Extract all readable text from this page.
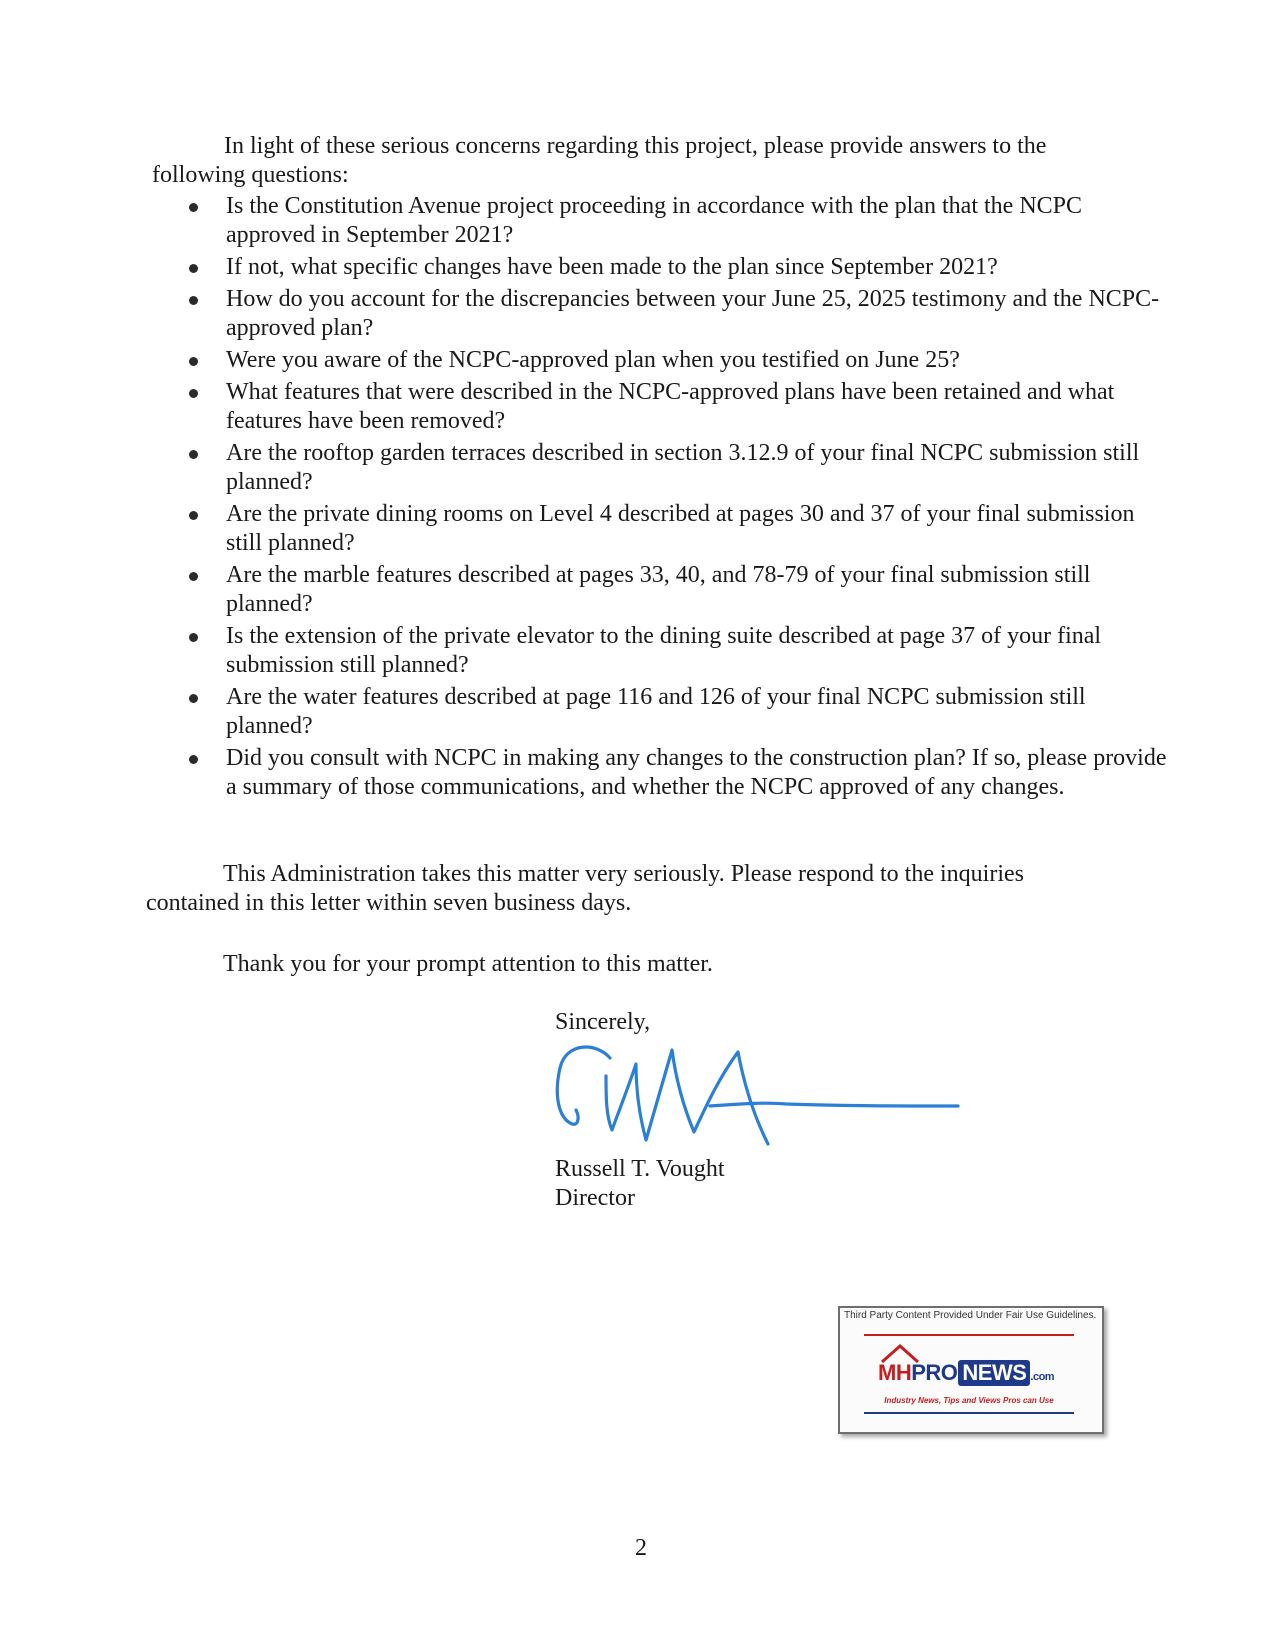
In light of these serious concerns regarding this project, please provide answers to the
following questions:
Is the Constitution Avenue project proceeding in accordance with the plan that the NCPC approved in September 2021?
If not, what specific changes have been made to the plan since September 2021?
How do you account for the discrepancies between your June 25, 2025 testimony and the NCPC-approved plan?
Were you aware of the NCPC-approved plan when you testified on June 25?
What features that were described in the NCPC-approved plans have been retained and what features have been removed?
Are the rooftop garden terraces described in section 3.12.9 of your final NCPC submission still planned?
Are the private dining rooms on Level 4 described at pages 30 and 37 of your final submission still planned?
Are the marble features described at pages 33, 40, and 78-79 of your final submission still planned?
Is the extension of the private elevator to the dining suite described at page 37 of your final submission still planned?
Are the water features described at page 116 and 126 of your final NCPC submission still planned?
Did you consult with NCPC in making any changes to the construction plan? If so, please provide a summary of those communications, and whether the NCPC approved of any changes.
This Administration takes this matter very seriously. Please respond to the inquiries
contained in this letter within seven business days.
Thank you for your prompt attention to this matter.
Sincerely,
Russell T. Vought
Director
Third Party Content Provided Under Fair Use Guidelines.
MHPRO NEWS .com
Industry News, Tips and Views Pros can Use
2
